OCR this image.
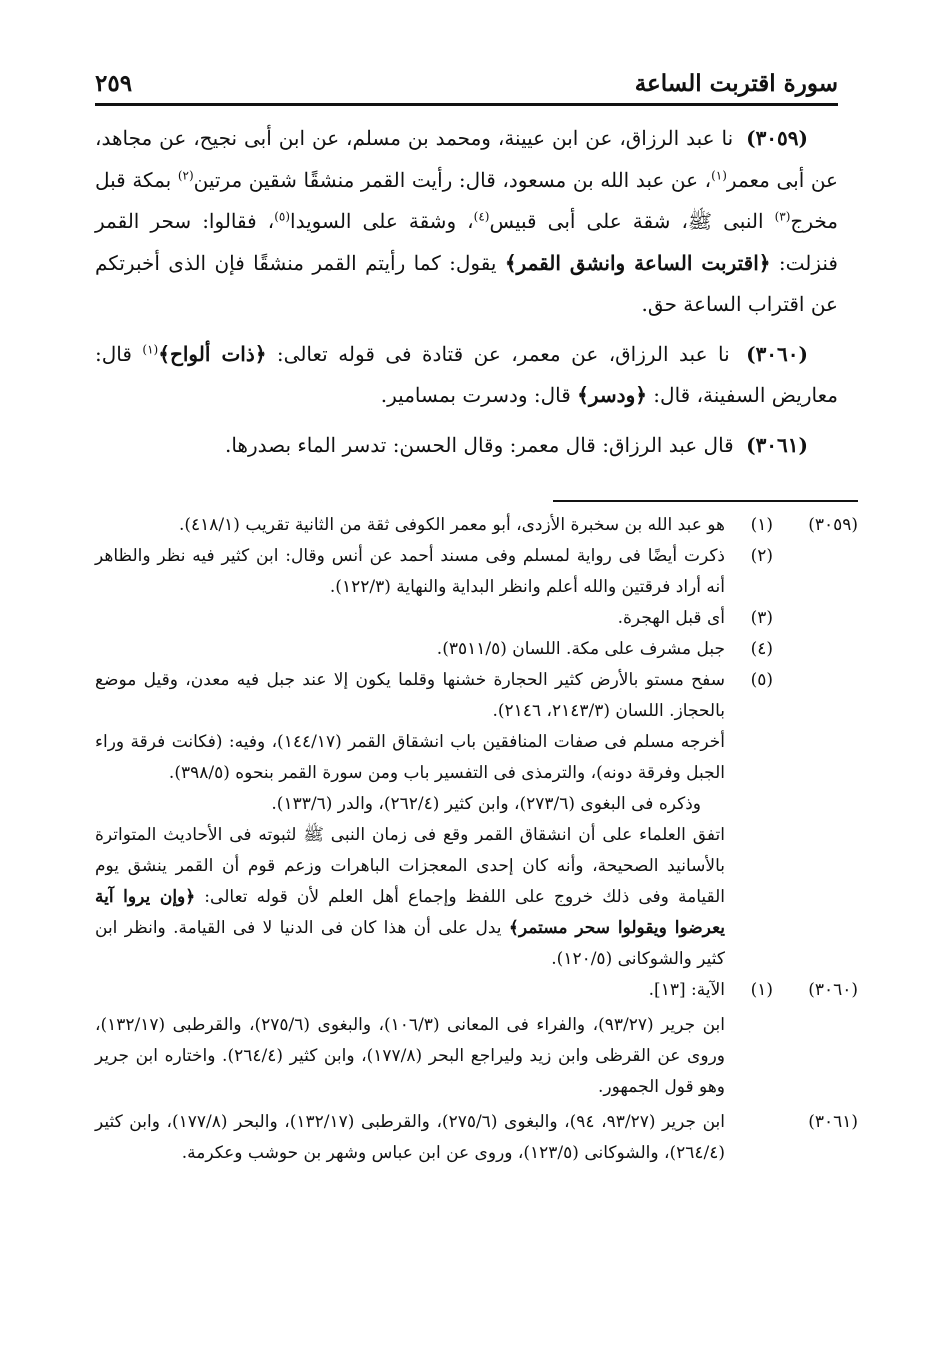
سورة اقتربت الساعة
٢٥٩

(٣٠٥٩) نا عبد الرزاق، عن ابن عيينة، ومحمد بن مسلم، عن ابن أبى نجيح، عن مجاهد، عن أبى معمر$^{(١)}$، عن عبد الله بن مسعود، قال: رأيت القمر منشقًا شقين مرتين$^{(٢)}$ بمكة قبل مخرج$^{(٣)}$ النبى ﷺ، شقة على أبى قبيس$^{(٤)}$، وشقة على السويدا$^{(٥)}$، فقالوا: سحر القمر فنزلت: ﴿اقتربت الساعة وانشق القمر﴾ يقول: كما رأيتم القمر منشقًا فإن الذى أخبرتكم عن اقتراب الساعة حق.

(٣٠٦٠) نا عبد الرزاق، عن معمر، عن قتادة فى قوله تعالى: ﴿ذات ألواح﴾$^{(١)}$ قال: معاريض السفينة، قال: ﴿ودسر﴾ قال: ودسرت بمسامير.

(٣٠٦١) قال عبد الرزاق: قال معمر: وقال الحسن: تدسر الماء بصدرها.

(٣٠٥٩)
(١)
هو عبد الله بن سخبرة الأزدى، أبو معمر الكوفى ثقة من الثانية تقريب (٤١٨/١).
(٢)
ذكرت أيضًا فى رواية لمسلم وفى مسند أحمد عن أنس وقال: ابن كثير فيه نظر والظاهر أنه أراد فرقتين والله أعلم وانظر البداية والنهاية (١٢٢/٣).
(٣)
أى قبل الهجرة.
(٤)
جبل مشرف على مكة. اللسان (٣٥١١/٥).
(٥)
سفح مستو بالأرض كثير الحجارة خشنها وقلما يكون إلا عند جبل فيه معدن، وقيل موضع بالحجاز. اللسان (٢١٤٣/٣، ٢١٤٦).
أخرجه مسلم فى صفات المنافقين باب انشقاق القمر (١٤٤/١٧)، وفيه: (فكانت فرقة وراء الجبل وفرقة دونه)، والترمذى فى التفسير باب ومن سورة القمر بنحوه (٣٩٨/٥).
وذكره فى البغوى (٢٧٣/٦)، وابن كثير (٢٦٢/٤)، والدر (١٣٣/٦).
اتفق العلماء على أن انشقاق القمر وقع فى زمان النبى ﷺ لثبوته فى الأحاديث المتواترة بالأسانيد الصحيحة، وأنه كان إحدى المعجزات الباهرات وزعم قوم أن القمر ينشق يوم القيامة وفى ذلك خروج على اللفظ وإجماع أهل العلم لأن قوله تعالى: ﴿وإن يروا آية يعرضوا ويقولوا سحر مستمر﴾ يدل على أن هذا كان فى الدنيا لا فى القيامة. وانظر ابن كثير والشوكانى (١٢٠/٥).
(٣٠٦٠)
(١)
الآية: [١٣].
ابن جرير (٩٣/٢٧)، والفراء فى المعانى (١٠٦/٣)، والبغوى (٢٧٥/٦)، والقرطبى (١٣٢/١٧)، وروى عن القرظى وابن زيد وليراجع البحر (١٧٧/٨)، وابن كثير (٢٦٤/٤). واختاره ابن جرير وهو قول الجمهور.
(٣٠٦١)
ابن جرير (٩٣/٢٧، ٩٤)، والبغوى (٢٧٥/٦)، والقرطبى (١٣٢/١٧)، والبحر (١٧٧/٨)، وابن كثير (٢٦٤/٤)، والشوكانى (١٢٣/٥)، وروى عن ابن عباس وشهر بن حوشب وعكرمة.
